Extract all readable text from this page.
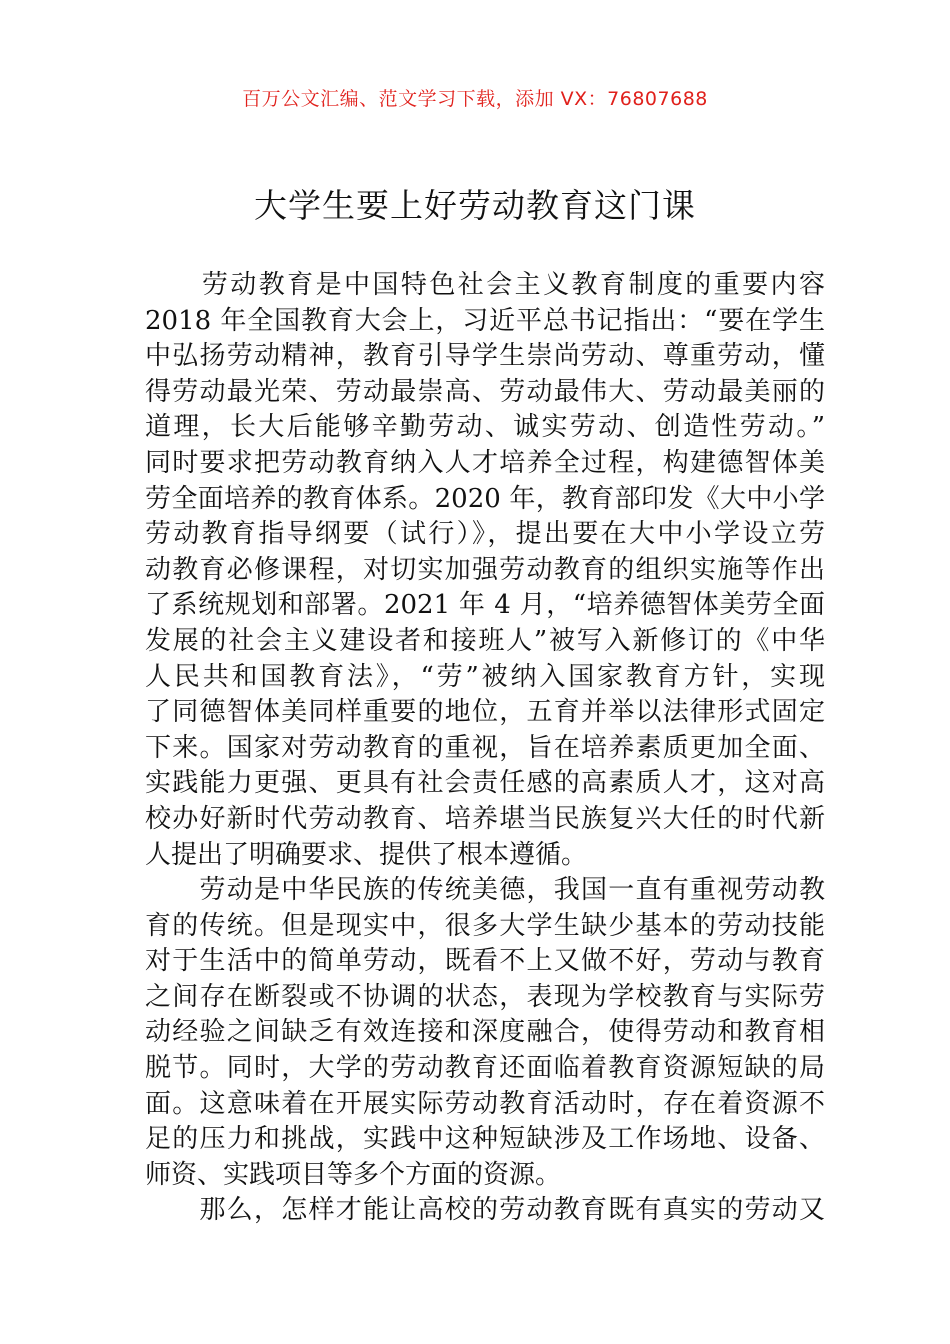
百万公文汇编、范文学习下载，添加 VX：76807688
大学生要上好劳动教育这门课
　　劳动教育是中国特色社会主义教育制度的重要内容
2018 年全国教育大会上，习近平总书记指出：“要在学生
中弘扬劳动精神，教育引导学生崇尚劳动、尊重劳动，懂
得劳动最光荣、劳动最崇高、劳动最伟大、劳动最美丽的
道理，长大后能够辛勤劳动、诚实劳动、创造性劳动。”
同时要求把劳动教育纳入人才培养全过程，构建德智体美
劳全面培养的教育体系。2020 年，教育部印发《大中小学
劳动教育指导纲要（试行）》，提出要在大中小学设立劳
动教育必修课程，对切实加强劳动教育的组织实施等作出
了系统规划和部署。2021 年 4 月，“培养德智体美劳全面
发展的社会主义建设者和接班人”被写入新修订的《中华
人民共和国教育法》，“劳”被纳入国家教育方针，实现
了同德智体美同样重要的地位，五育并举以法律形式固定
下来。国家对劳动教育的重视，旨在培养素质更加全面、
实践能力更强、更具有社会责任感的高素质人才，这对高
校办好新时代劳动教育、培养堪当民族复兴大任的时代新
人提出了明确要求、提供了根本遵循。
　　劳动是中华民族的传统美德，我国一直有重视劳动教
育的传统。但是现实中，很多大学生缺少基本的劳动技能
对于生活中的简单劳动，既看不上又做不好，劳动与教育
之间存在断裂或不协调的状态，表现为学校教育与实际劳
动经验之间缺乏有效连接和深度融合，使得劳动和教育相
脱节。同时，大学的劳动教育还面临着教育资源短缺的局
面。这意味着在开展实际劳动教育活动时，存在着资源不
足的压力和挑战，实践中这种短缺涉及工作场地、设备、
师资、实践项目等多个方面的资源。
　　那么，怎样才能让高校的劳动教育既有真实的劳动又
